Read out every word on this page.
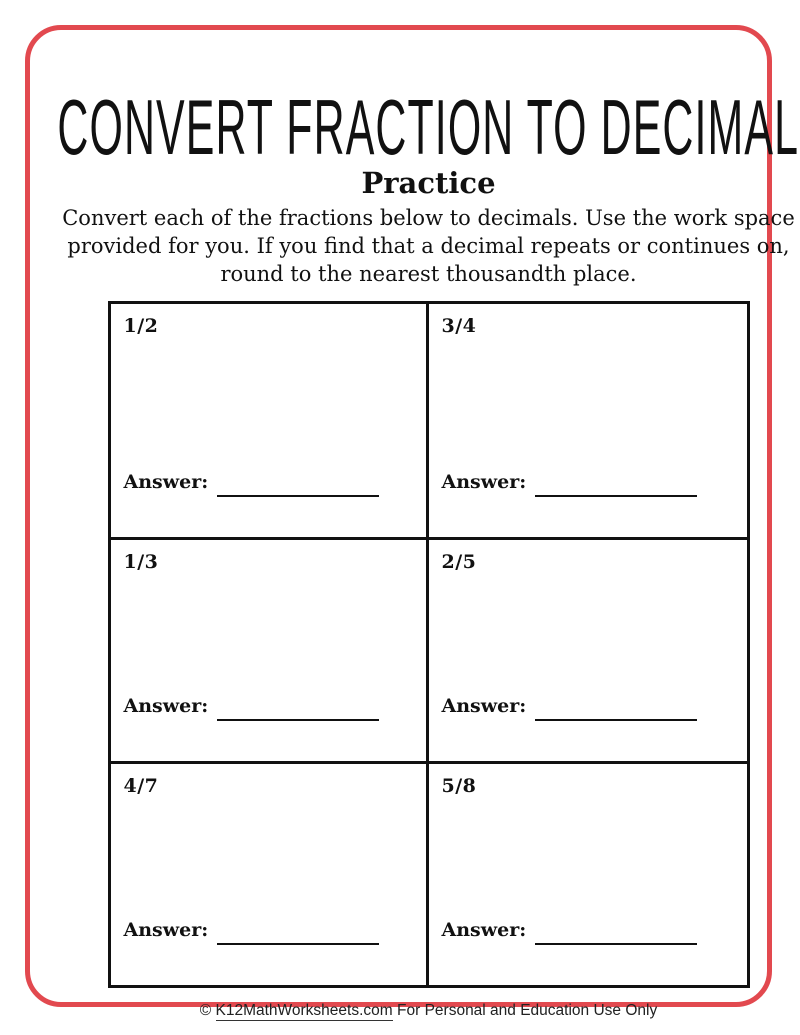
CONVERT FRACTION TO DECIMAL
Practice
Convert each of the fractions below to decimals. Use the work space
provided for you. If you find that a decimal repeats or continues on,
round to the nearest thousandth place.
1/2
Answer:
3/4
Answer:
1/3
Answer:
2/5
Answer:
4/7
Answer:
5/8
Answer:
© K12MathWorksheets.com For Personal and Education Use Only
